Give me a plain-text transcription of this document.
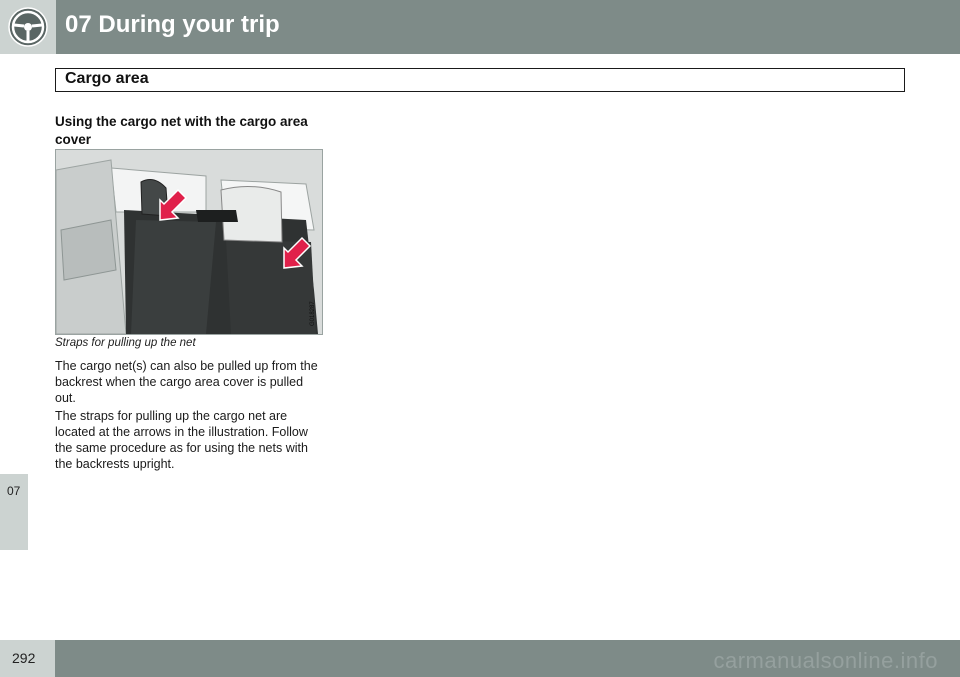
07 During your trip
Cargo area
07

Using the cargo net with the cargo area cover

G018287
Straps for pulling up the net

The cargo net(s) can also be pulled up from the backrest when the cargo area cover is pulled out.

The straps for pulling up the cargo net are located at the arrows in the illustration. Follow the same procedure as for using the nets with the backrests upright.

292	carmanualsonline.info
